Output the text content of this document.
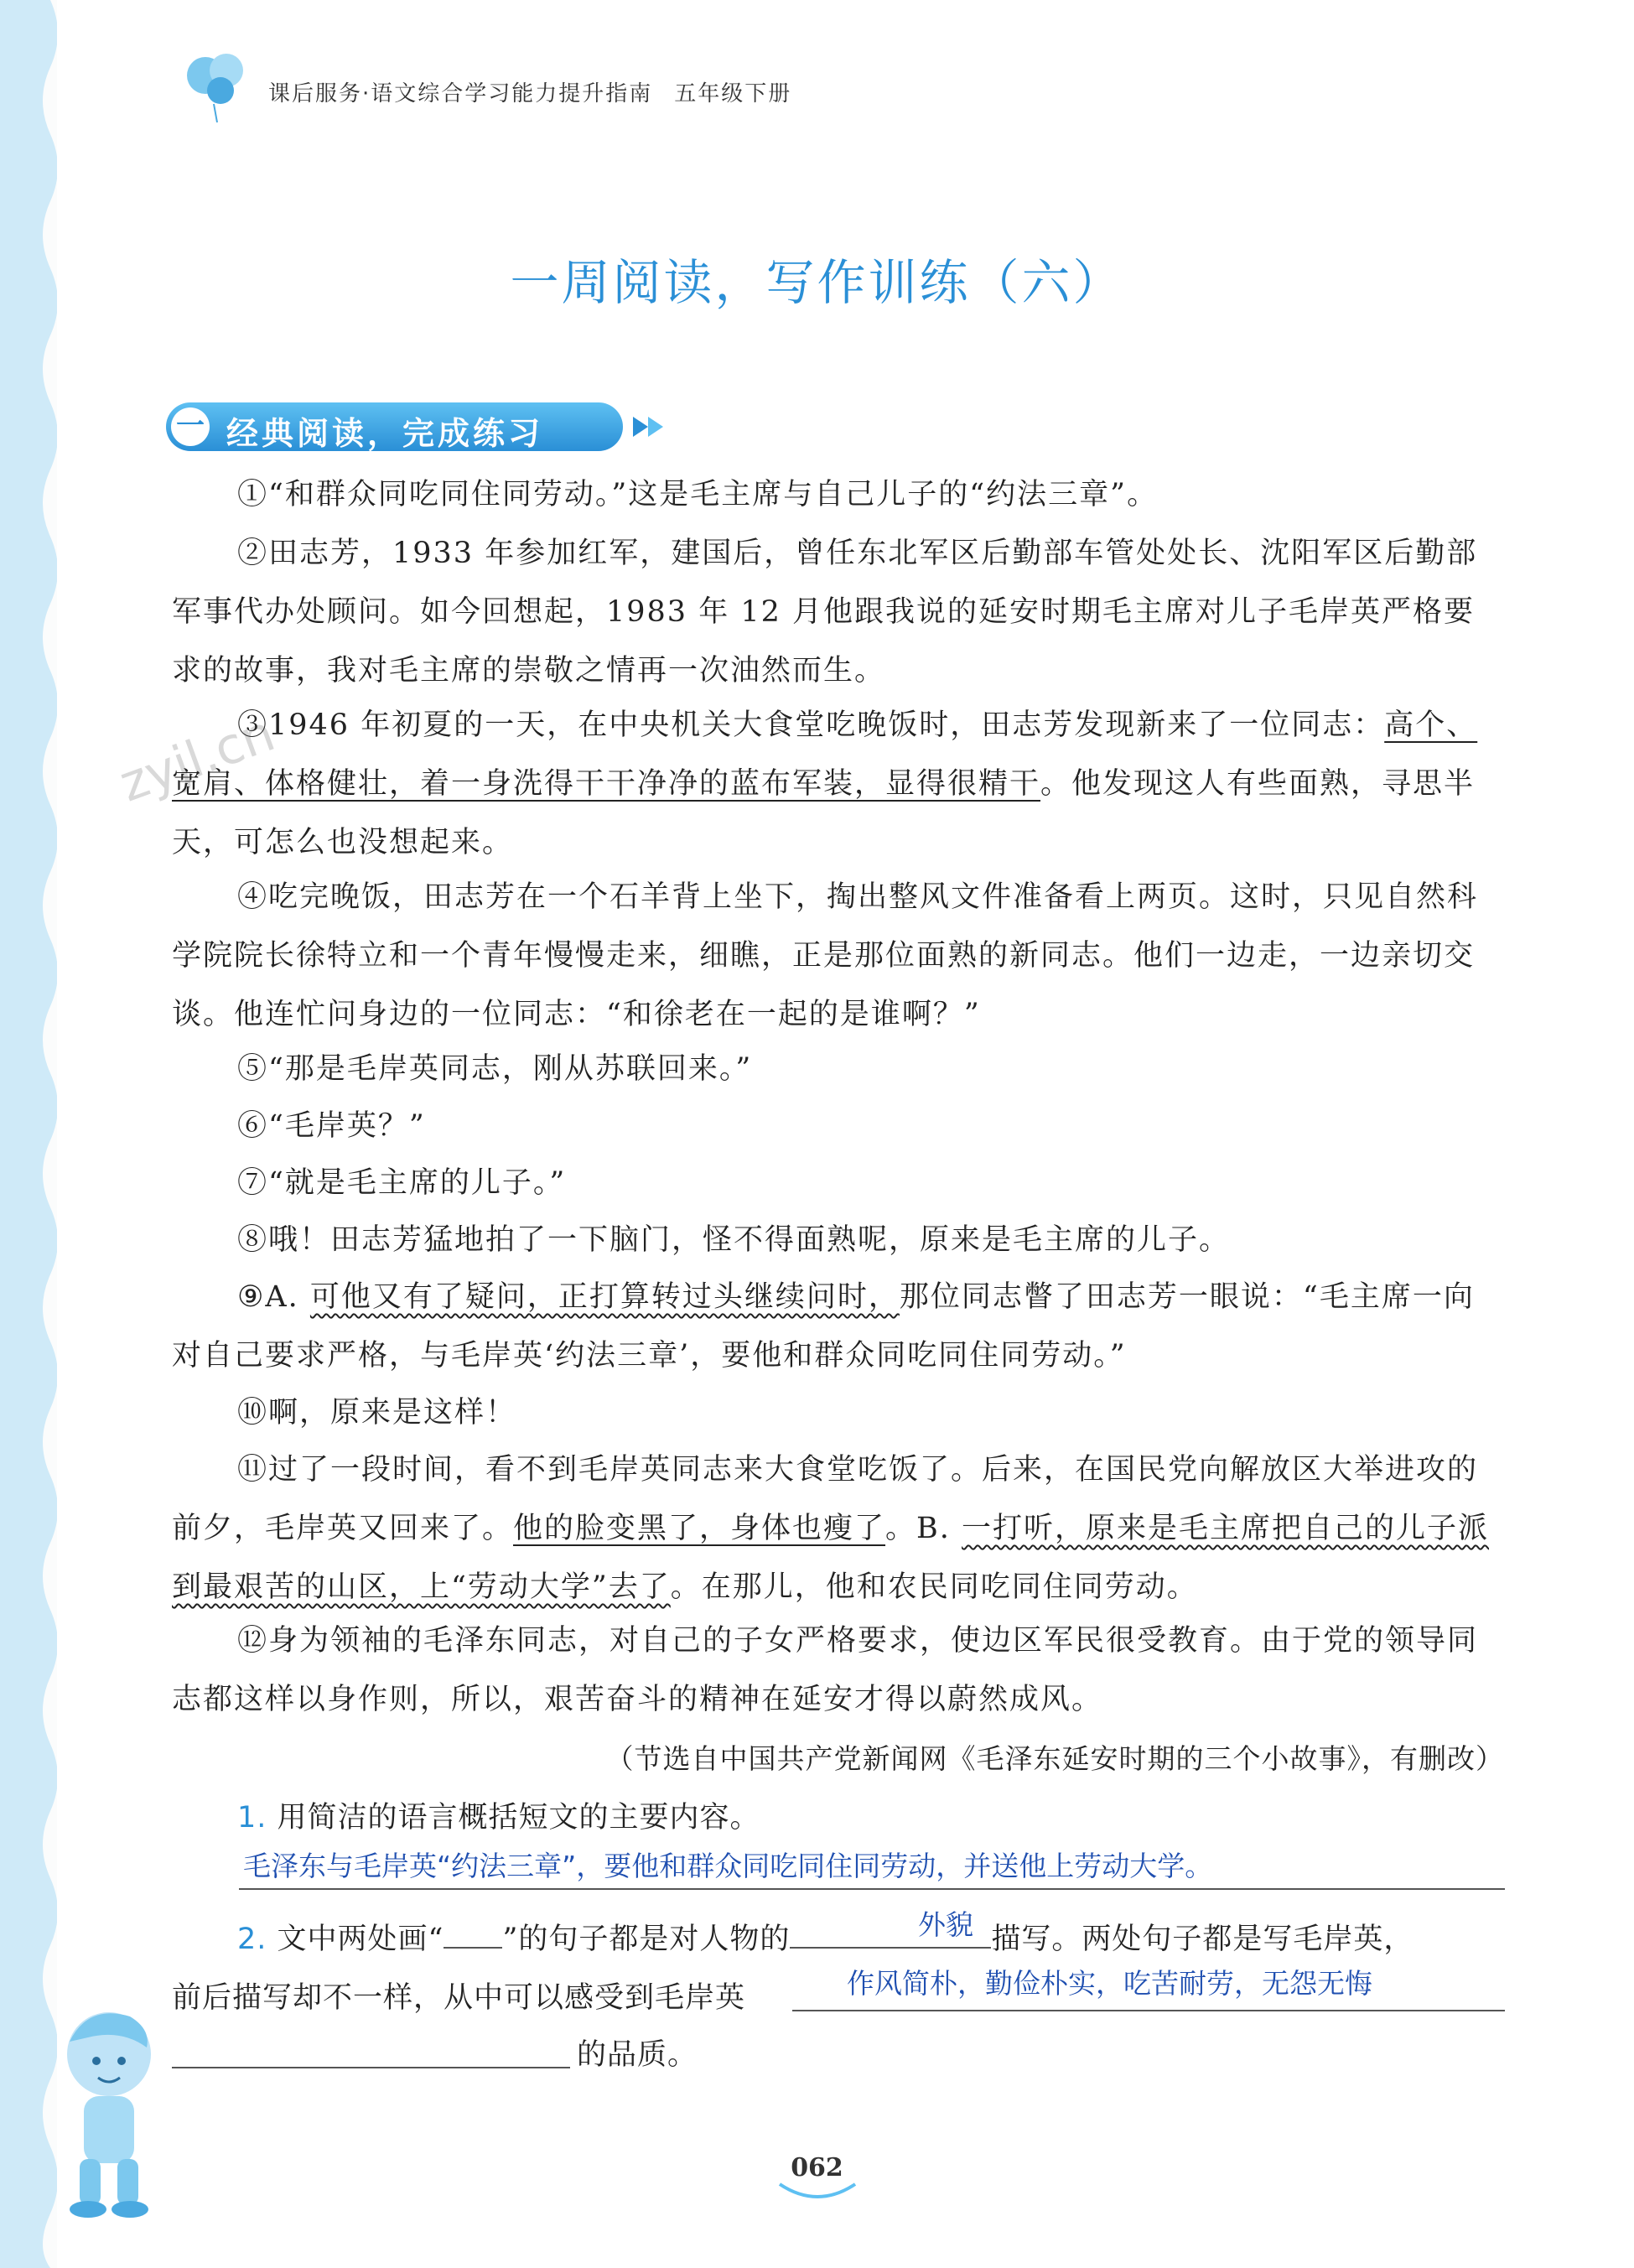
课后服务·语文综合学习能力提升指南 五年级下册
一周阅读，写作训练（六）
一 经典阅读，完成练习
zyjl.cn
①“和群众同吃同住同劳动。”这是毛主席与自己儿子的“约法三章”。
②田志芳，1933 年参加红军，建国后，曾任东北军区后勤部车管处处长、沈阳军区后勤部军事代办处顾问。如今回想起，1983 年 12 月他跟我说的延安时期毛主席对儿子毛岸英严格要求的故事，我对毛主席的崇敬之情再一次油然而生。
③1946 年初夏的一天，在中央机关大食堂吃晚饭时，田志芳发现新来了一位同志：高个、宽肩、体格健壮，着一身洗得干干净净的蓝布军装，显得很精干。他发现这人有些面熟，寻思半天，可怎么也没想起来。
④吃完晚饭，田志芳在一个石羊背上坐下，掏出整风文件准备看上两页。这时，只见自然科学院院长徐特立和一个青年慢慢走来，细瞧，正是那位面熟的新同志。他们一边走，一边亲切交谈。他连忙问身边的一位同志：“和徐老在一起的是谁啊？”
⑤“那是毛岸英同志，刚从苏联回来。”
⑥“毛岸英？”
⑦“就是毛主席的儿子。”
⑧哦！田志芳猛地拍了一下脑门，怪不得面熟呢，原来是毛主席的儿子。
⑨A. 可他又有了疑问，正打算转过头继续问时，那位同志瞥了田志芳一眼说：“毛主席一向对自己要求严格，与毛岸英‘约法三章’，要他和群众同吃同住同劳动。”
⑩啊，原来是这样！
⑪过了一段时间，看不到毛岸英同志来大食堂吃饭了。后来，在国民党向解放区大举进攻的前夕，毛岸英又回来了。他的脸变黑了，身体也瘦了。B. 一打听，原来是毛主席把自己的儿子派到最艰苦的山区，上“劳动大学”去了。在那儿，他和农民同吃同住同劳动。
⑫身为领袖的毛泽东同志，对自己的子女严格要求，使边区军民很受教育。由于党的领导同志都这样以身作则，所以，艰苦奋斗的精神在延安才得以蔚然成风。
（节选自中国共产党新闻网《毛泽东延安时期的三个小故事》，有删改）
1. 用简洁的语言概括短文的主要内容。
毛泽东与毛岸英“约法三章”，要他和群众同吃同住同劳动，并送他上劳动大学。
2. 文中两处画“ ”的句子都是对人物的	描写。两处句子都是写毛岸英，
外貌
前后描写却不一样，从中可以感受到毛岸英	作风简朴，勤俭朴实，吃苦耐劳，无怨无悔
的品质。
062
